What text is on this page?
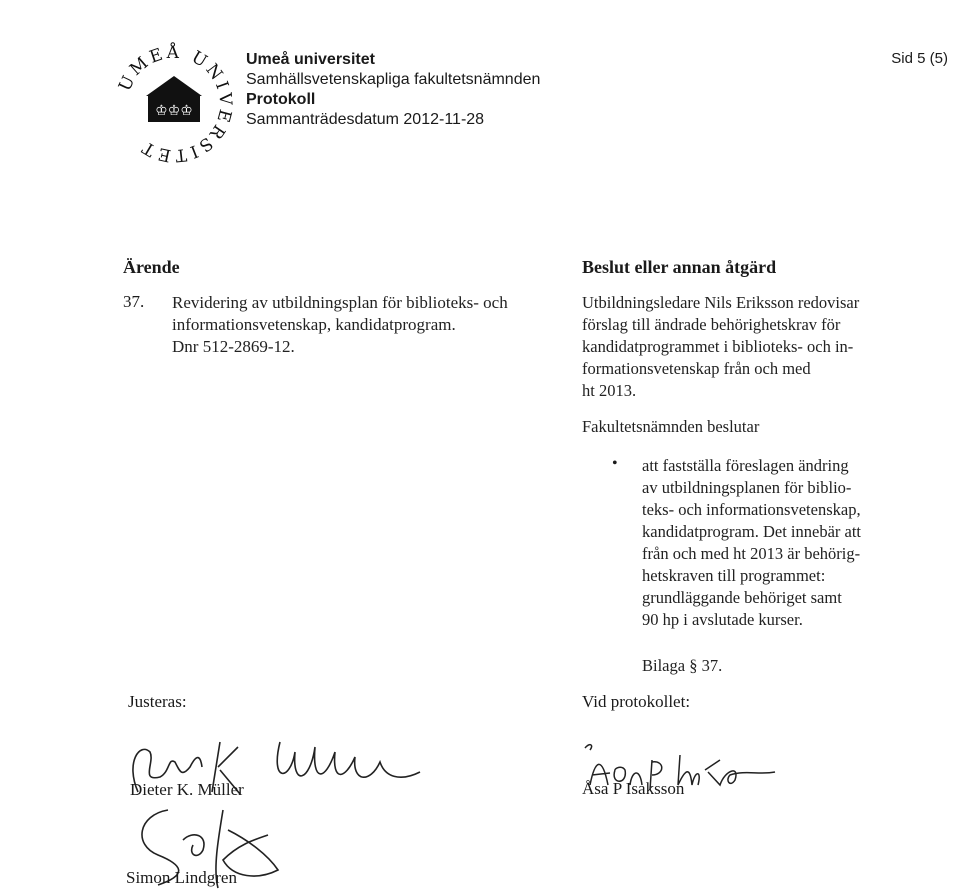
UMEÅ UNIVERSITET
♔♔♔
Umeå universitet
Samhällsvetenskapliga fakultetsnämnden
Protokoll
Sammanträdesdatum 2012-11-28
Sid 5 (5)
Ärende	Beslut eller annan åtgärd
37. Revidering av utbildningsplan för biblioteks- och
informationsvetenskap, kandidatprogram.
Dnr 512-2869-12.
Utbildningsledare Nils Eriksson redovisar
förslag till ändrade behörighetskrav för
kandidatprogrammet i biblioteks- och in-
formationsvetenskap från och med
ht 2013.
Fakultetsnämnden beslutar
• att fastställa föreslagen ändring
av utbildningsplanen för biblio-
teks- och informationsvetenskap,
kandidatprogram. Det innebär att
från och med ht 2013 är behörig-
hetskraven till programmet:
grundläggande behöriget samt
90 hp i avslutade kurser.
Bilaga § 37.
Justeras:	Vid protokollet:
Dieter K. Müller
Simon Lindgren
Åsa P Isaksson
